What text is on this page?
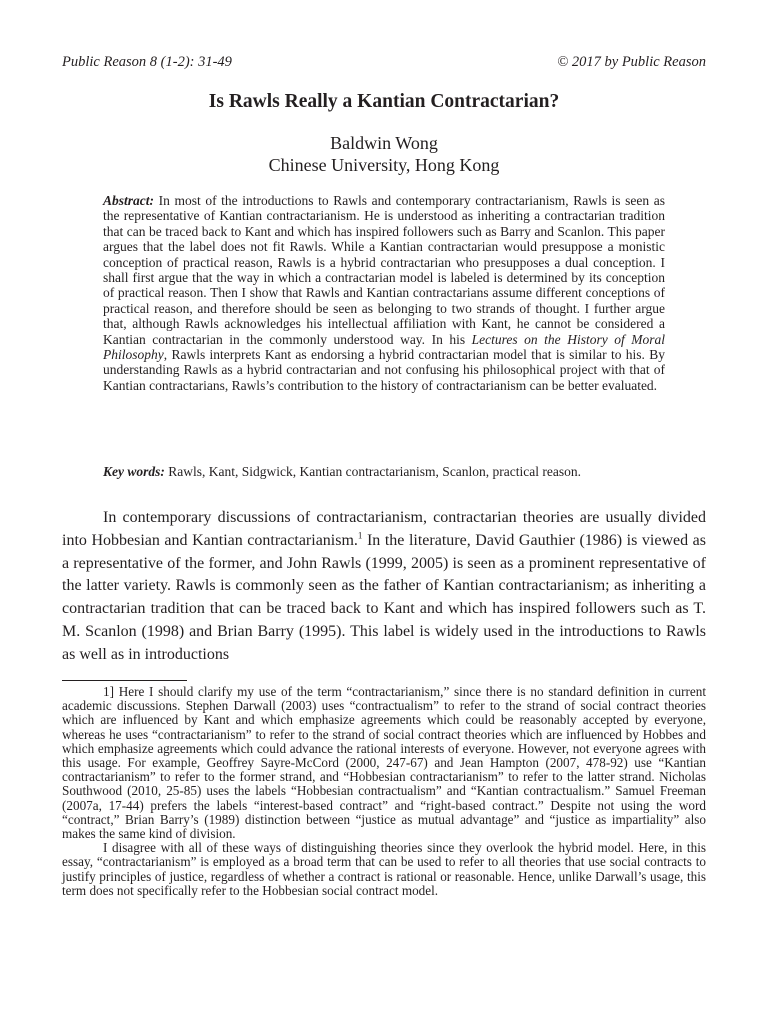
Public Reason 8 (1-2): 31-49	© 2017 by Public Reason
Is Rawls Really a Kantian Contractarian?
Baldwin Wong
Chinese University, Hong Kong
Abstract: In most of the introductions to Rawls and contemporary contractarianism, Rawls is seen as the representative of Kantian contractarianism. He is understood as inheriting a contractarian tradition that can be traced back to Kant and which has inspired followers such as Barry and Scanlon. This paper argues that the label does not fit Rawls. While a Kantian contractarian would presuppose a monistic conception of practical reason, Rawls is a hybrid contractarian who presupposes a dual conception. I shall first argue that the way in which a contractarian model is labeled is determined by its conception of practical reason. Then I show that Rawls and Kantian contractarians assume different conceptions of practical reason, and therefore should be seen as belonging to two strands of thought. I further argue that, although Rawls acknowledges his intellectual affiliation with Kant, he cannot be considered a Kantian contractarian in the commonly understood way. In his Lectures on the History of Moral Philosophy, Rawls interprets Kant as endorsing a hybrid contractarian model that is similar to his. By understanding Rawls as a hybrid contractarian and not confusing his philosophical project with that of Kantian contractarians, Rawls’s contribution to the history of contractarianism can be better evaluated.
Key words: Rawls, Kant, Sidgwick, Kantian contractarianism, Scanlon, practical reason.
In contemporary discussions of contractarianism, contractarian theories are usually divided into Hobbesian and Kantian contractarianism.$^1$ In the literature, David Gauthier (1986) is viewed as a representative of the former, and John Rawls (1999, 2005) is seen as a prominent representative of the latter variety. Rawls is commonly seen as the father of Kantian contractarianism; as inheriting a contractarian tradition that can be traced back to Kant and which has inspired followers such as T. M. Scanlon (1998) and Brian Barry (1995). This label is widely used in the introductions to Rawls as well as in introductions

1] Here I should clarify my use of the term “contractarianism,” since there is no standard definition in current academic discussions. Stephen Darwall (2003) uses “contractualism” to refer to the strand of social contract theories which are influenced by Kant and which emphasize agreements which could be reasonably accepted by everyone, whereas he uses “contractarianism” to refer to the strand of social contract theories which are influenced by Hobbes and which emphasize agreements which could advance the rational interests of everyone. However, not everyone agrees with this usage. For example, Geoffrey Sayre-McCord (2000, 247-67) and Jean Hampton (2007, 478-92) use “Kantian contractarianism” to refer to the former strand, and “Hobbesian contractarianism” to refer to the latter strand. Nicholas Southwood (2010, 25-85) uses the labels “Hobbesian contractualism” and “Kantian contractualism.” Samuel Freeman (2007a, 17-44) prefers the labels “interest-based contract” and “right-based contract.” Despite not using the word “contract,” Brian Barry’s (1989) distinction between “justice as mutual advantage” and “justice as impartiality” also makes the same kind of division.

I disagree with all of these ways of distinguishing theories since they overlook the hybrid model. Here, in this essay, “contractarianism” is employed as a broad term that can be used to refer to all theories that use social contracts to justify principles of justice, regardless of whether a contract is rational or reasonable. Hence, unlike Darwall’s usage, this term does not specifically refer to the Hobbesian social contract model.
